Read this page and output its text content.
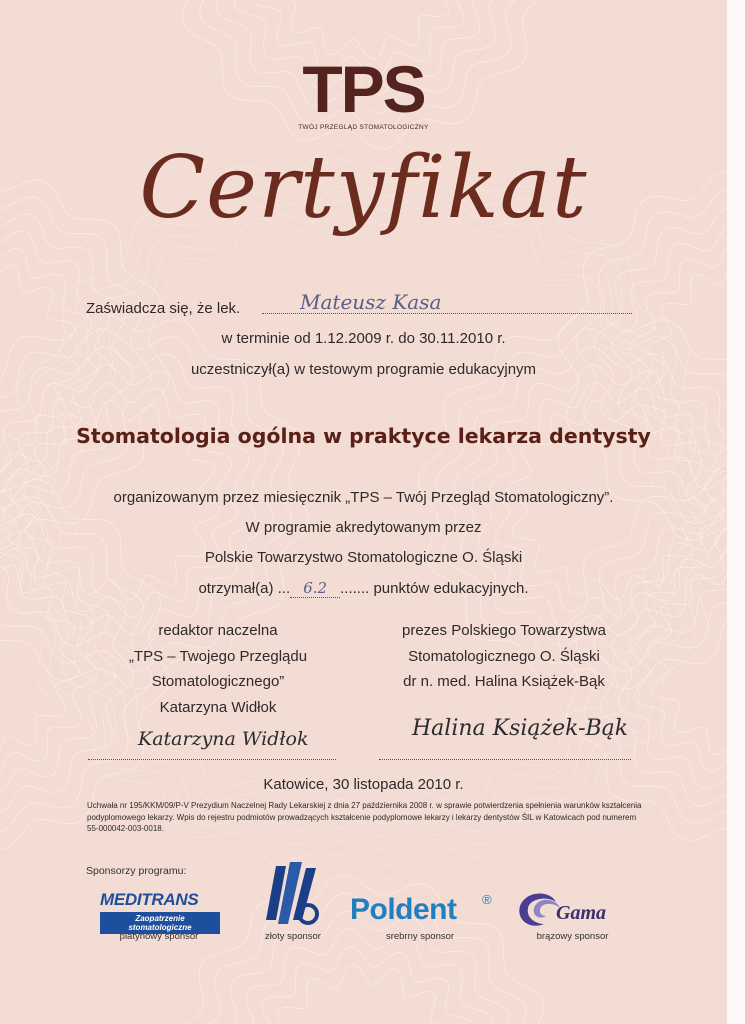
TPS
TWÓJ PRZEGLĄD STOMATOLOGICZNY
Certyfikat
Zaświadcza się, że lek.	Mateusz Kasa
w terminie od 1.12.2009 r. do 30.11.2010 r.
uczestniczył(a) w testowym programie edukacyjnym
Stomatologia ogólna w praktyce lekarza dentysty
organizowanym przez miesięcznik „TPS – Twój Przegląd Stomatologiczny”.
W programie akredytowanym przez
Polskie Towarzystwo Stomatologiczne O. Śląski
otrzymał(a) ... 6.2 ....... punktów edukacyjnych.
redaktor naczelna
„TPS – Twojego Przeglądu
Stomatologicznego”
Katarzyna Widłok
prezes Polskiego Towarzystwa
Stomatologicznego O. Śląski
dr n. med. Halina Książek-Bąk
Katarzyna Widłok	Halina Książek-Bąk
Katowice, 30 listopada 2010 r.
Uchwała nr 195/KKM/09/P-V Prezydium Naczelnej Rady Lekarskiej z dnia 27 października 2008 r. w sprawie potwierdzenia spełnienia warunków kształcenia podyplomowego lekarzy. Wpis do rejestru podmiotów prowadzących kształcenie podyplomowe lekarzy i lekarzy dentystów ŚIL w Katowicach pod numerem 55-000042-003-0018.
Sponsorzy programu:
MEDITRANS
Zaopatrzenie stomatologiczne
platynowy sponsor	złoty sponsor
Poldent ®
srebrny sponsor
Gama
brązowy sponsor
